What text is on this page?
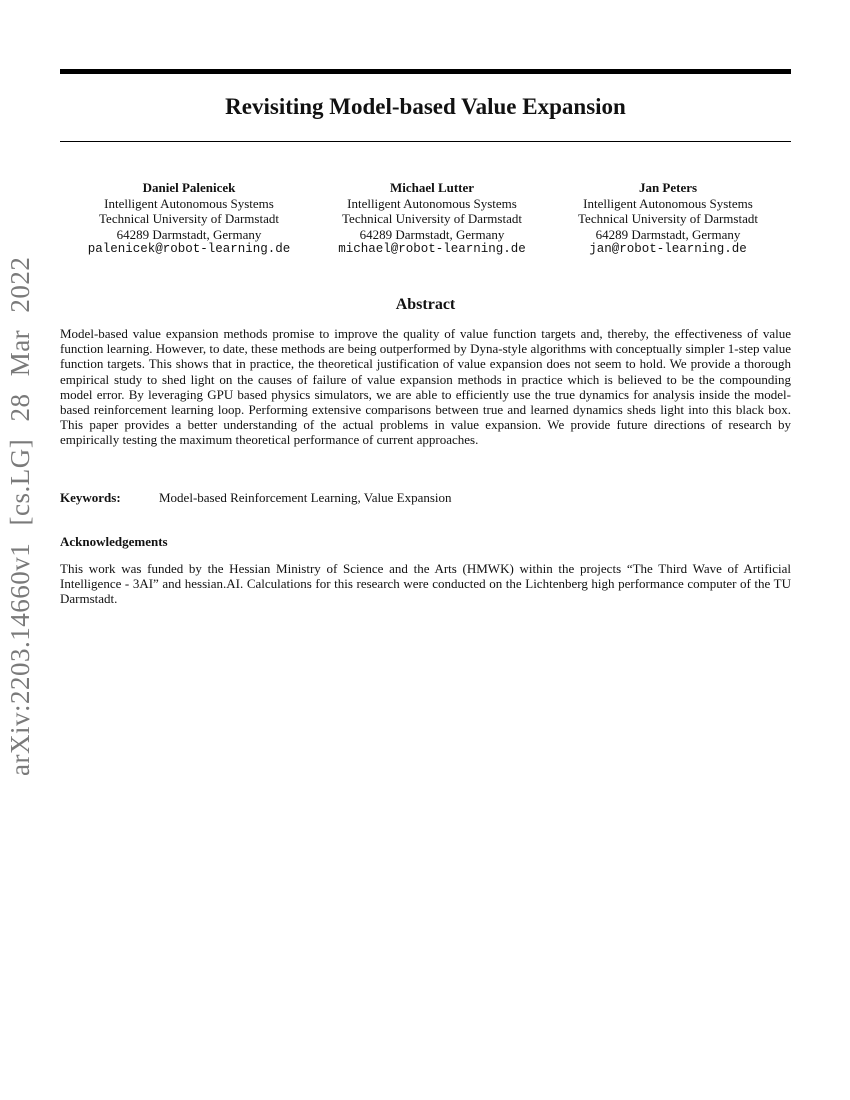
arXiv:2203.14660v1 [cs.LG] 28 Mar 2022
Revisiting Model-based Value Expansion
Daniel Palenicek
Intelligent Autonomous Systems
Technical University of Darmstadt
64289 Darmstadt, Germany
palenicek@robot-learning.de
Michael Lutter
Intelligent Autonomous Systems
Technical University of Darmstadt
64289 Darmstadt, Germany
michael@robot-learning.de
Jan Peters
Intelligent Autonomous Systems
Technical University of Darmstadt
64289 Darmstadt, Germany
jan@robot-learning.de
Abstract
Model-based value expansion methods promise to improve the quality of value function targets and, thereby, the effectiveness of value function learning. However, to date, these methods are being outperformed by Dyna-style algorithms with conceptually simpler 1-step value function targets. This shows that in practice, the theoretical justification of value expansion does not seem to hold. We provide a thorough empirical study to shed light on the causes of failure of value expansion methods in practice which is believed to be the compounding model error. By leveraging GPU based physics simulators, we are able to efficiently use the true dynamics for analysis inside the model-based reinforcement learning loop. Performing extensive comparisons between true and learned dynamics sheds light into this black box. This paper provides a better understanding of the actual problems in value expansion. We provide future directions of research by empirically testing the maximum theoretical performance of current approaches.
Keywords:	Model-based Reinforcement Learning, Value Expansion
Acknowledgements
This work was funded by the Hessian Ministry of Science and the Arts (HMWK) within the projects “The Third Wave of Artificial Intelligence - 3AI” and hessian.AI. Calculations for this research were conducted on the Lichtenberg high performance computer of the TU Darmstadt.
